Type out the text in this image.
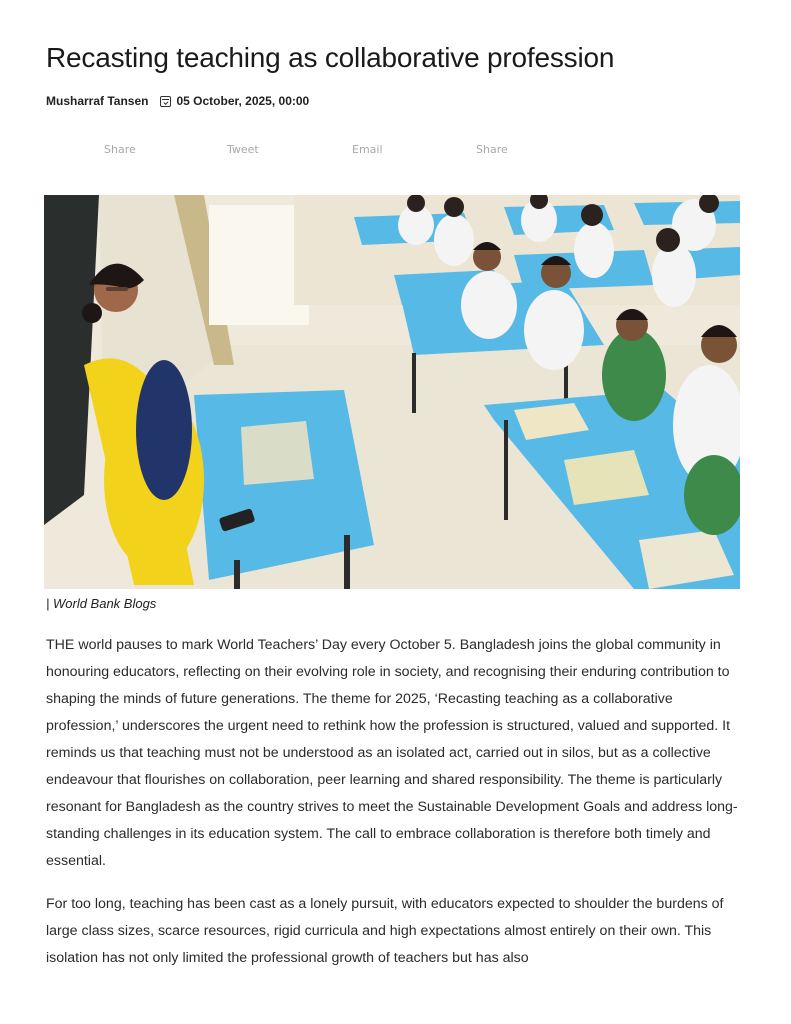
Recasting teaching as collaborative profession
Musharraf Tansen 05 October, 2025, 00:00
Share	Tweet	Email	Share
| World Bank Blogs

THE world pauses to mark World Teachers’ Day every October 5. Bangladesh joins the global community in honouring educators, reflecting on their evolving role in society, and recognising their enduring contribution to shaping the minds of future generations. The theme for 2025, ‘Recasting teaching as a collaborative profession,’ underscores the urgent need to rethink how the profession is structured, valued and supported. It reminds us that teaching must not be understood as an isolated act, carried out in silos, but as a collective endeavour that flourishes on collaboration, peer learning and shared responsibility. The theme is particularly resonant for Bangladesh as the country strives to meet the Sustainable Development Goals and address long-standing challenges in its education system. The call to embrace collaboration is therefore both timely and essential.

For too long, teaching has been cast as a lonely pursuit, with educators expected to shoulder the burdens of large class sizes, scarce resources, rigid curricula and high expectations almost entirely on their own. This isolation has not only limited the professional growth of teachers but has also
